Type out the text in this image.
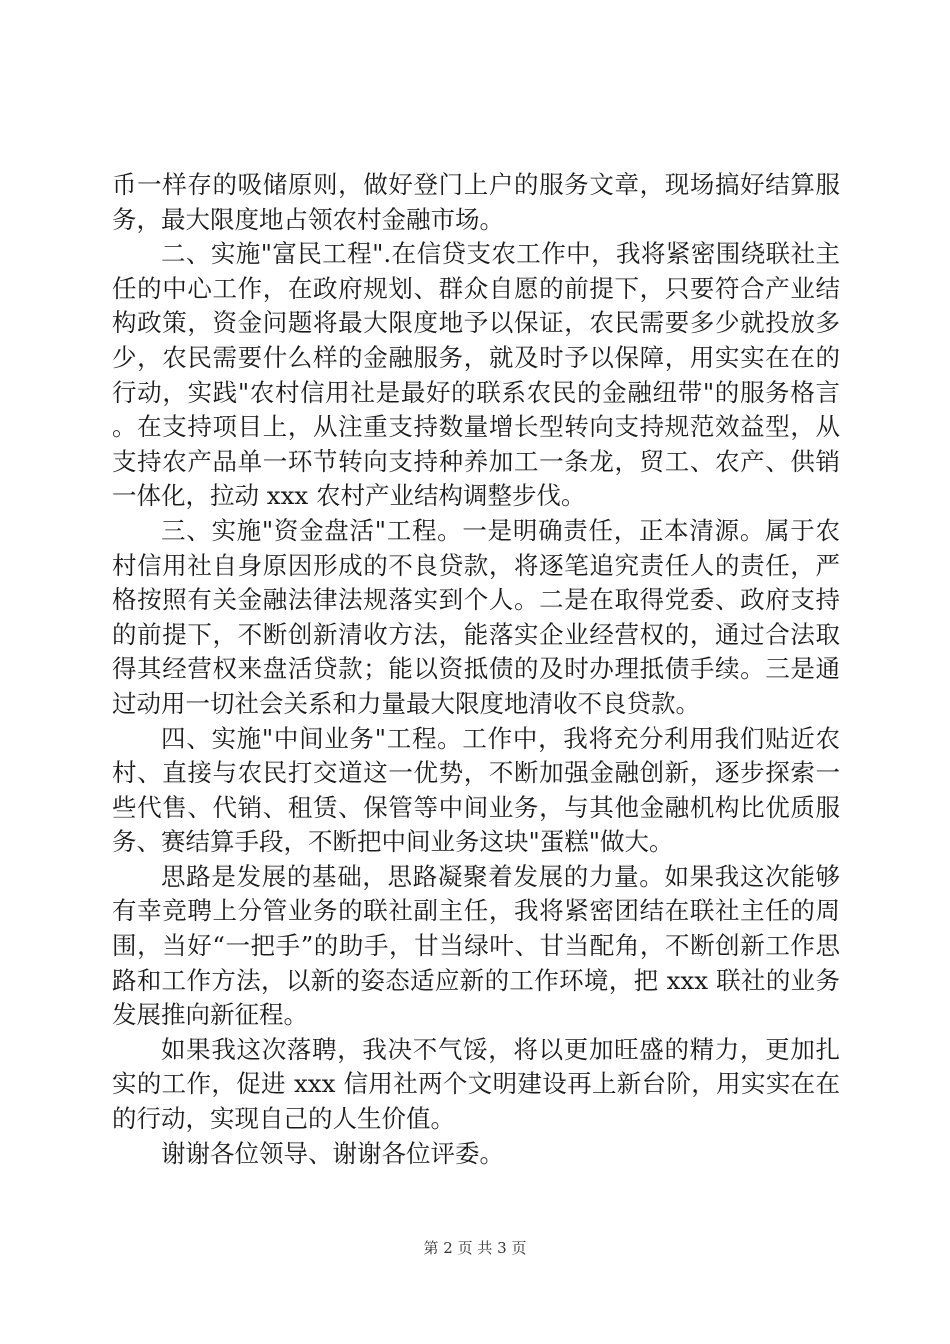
币一样存的吸储原则，做好登门上户的服务文章，现场搞好结算服务，最大限度地占领农村金融市场。

二、实施"富民工程".在信贷支农工作中，我将紧密围绕联社主任的中心工作，在政府规划、群众自愿的前提下，只要符合产业结构政策，资金问题将最大限度地予以保证，农民需要多少就投放多少，农民需要什么样的金融服务，就及时予以保障，用实实在在的行动，实践"农村信用社是最好的联系农民的金融纽带"的服务格言。在支持项目上，从注重支持数量增长型转向支持规范效益型，从支持农产品单一环节转向支持种养加工一条龙，贸工、农产、供销一体化，拉动 xxx 农村产业结构调整步伐。

三、实施"资金盘活"工程。一是明确责任，正本清源。属于农村信用社自身原因形成的不良贷款，将逐笔追究责任人的责任，严格按照有关金融法律法规落实到个人。二是在取得党委、政府支持的前提下，不断创新清收方法，能落实企业经营权的，通过合法取得其经营权来盘活贷款；能以资抵债的及时办理抵债手续。三是通过动用一切社会关系和力量最大限度地清收不良贷款。

四、实施"中间业务"工程。工作中，我将充分利用我们贴近农村、直接与农民打交道这一优势，不断加强金融创新，逐步探索一些代售、代销、租赁、保管等中间业务，与其他金融机构比优质服务、赛结算手段，不断把中间业务这块"蛋糕"做大。

思路是发展的基础，思路凝聚着发展的力量。如果我这次能够有幸竞聘上分管业务的联社副主任，我将紧密团结在联社主任的周围，当好“一把手”的助手，甘当绿叶、甘当配角，不断创新工作思路和工作方法，以新的姿态适应新的工作环境，把 xxx 联社的业务发展推向新征程。

如果我这次落聘，我决不气馁，将以更加旺盛的精力，更加扎实的工作，促进 xxx 信用社两个文明建设再上新台阶，用实实在在的行动，实现自己的人生价值。

谢谢各位领导、谢谢各位评委。

第 2 页 共 3 页
